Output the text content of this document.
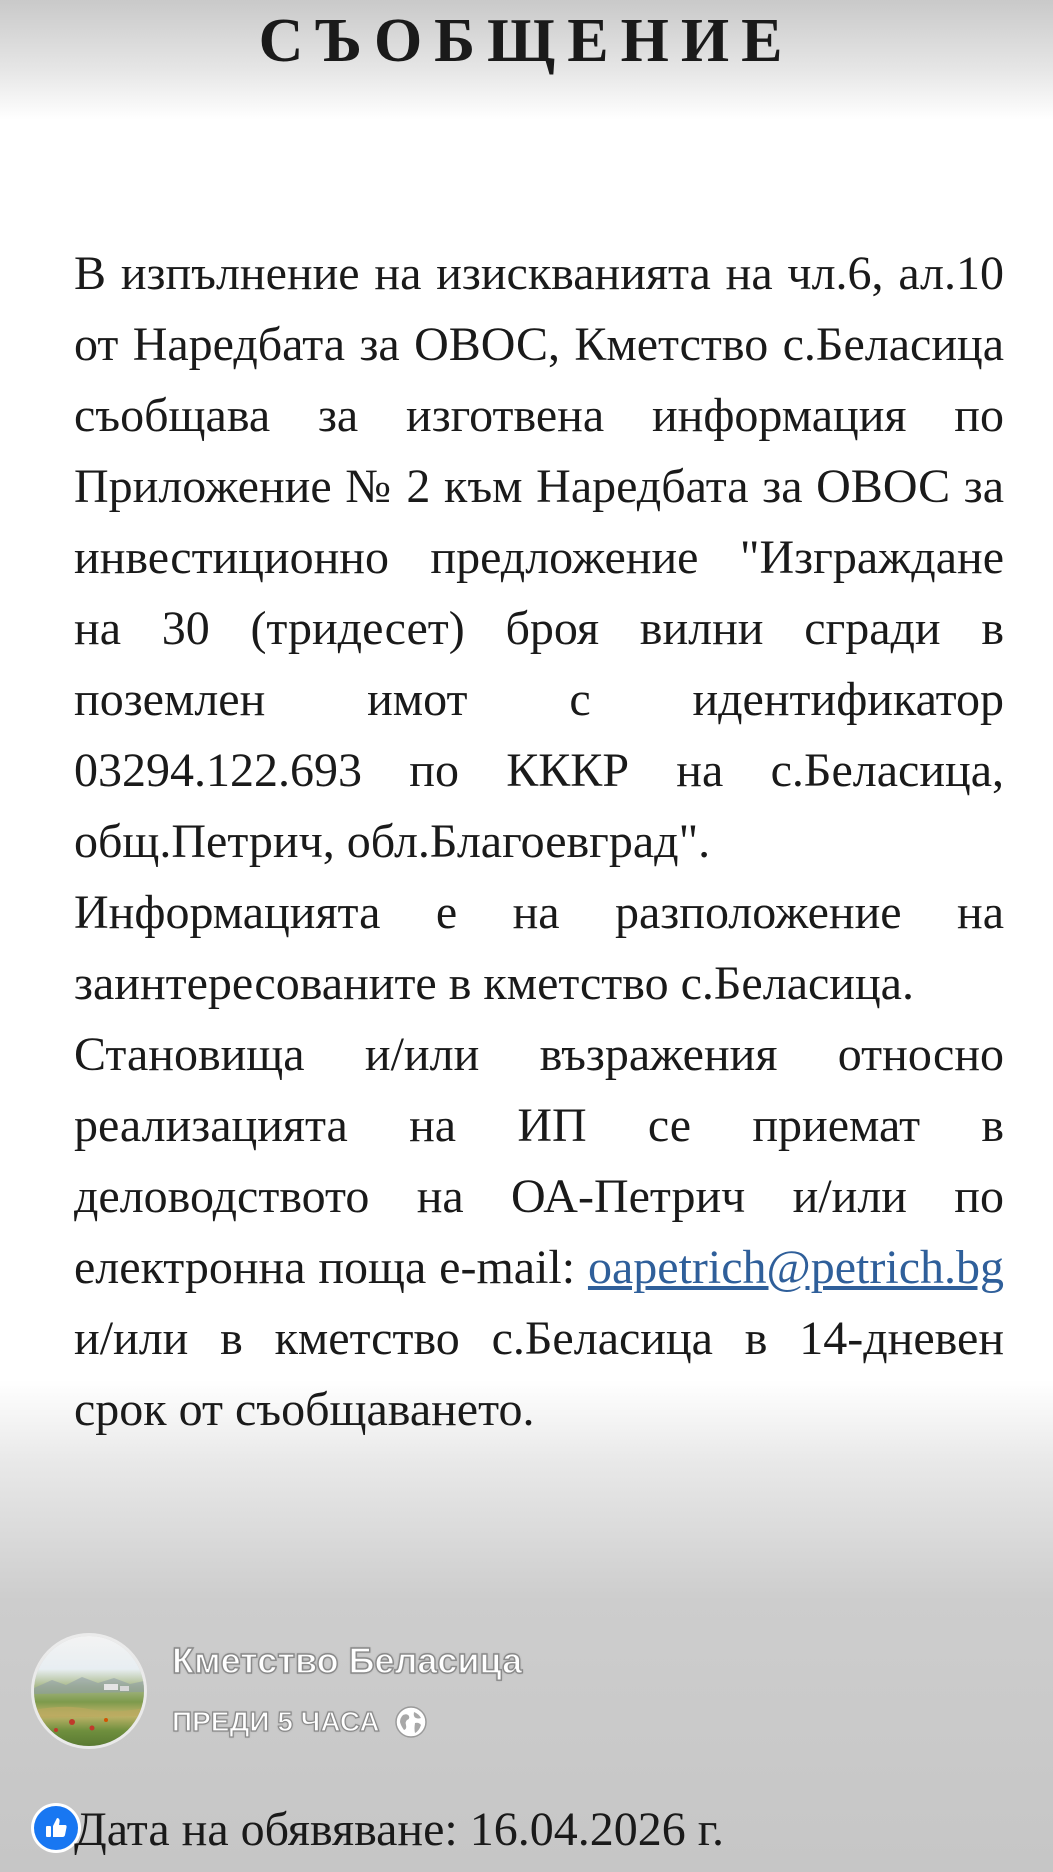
СЪОБЩЕНИЕ

В изпълнение на изискванията на чл.6, ал.10 от Наредбата за ОВОС, Кметство с.Беласица съобщава за изготвена информация по Приложение № 2 към Наредбата за ОВОС за инвестиционно предложение "Изграждане на 30 (тридесет) броя вилни сгради в поземлен имот с идентификатор 03294.122.693 по КККР на с.Беласица, общ.Петрич, обл.Благоевград".

Информацията е на разположение на заинтересованите в кметство с.Беласица.

Становища и/или възражения относно реализацията на ИП се приемат в деловодството на ОА-Петрич и/или по електронна поща e-mail: oapetrich@petrich.bg и/или в кметство с.Беласица в 14-дневен срок от съобщаването.

Кметство Беласица
ПРЕДИ 5 ЧАСА
Дата на обявяване: 16.04.2026 г.
